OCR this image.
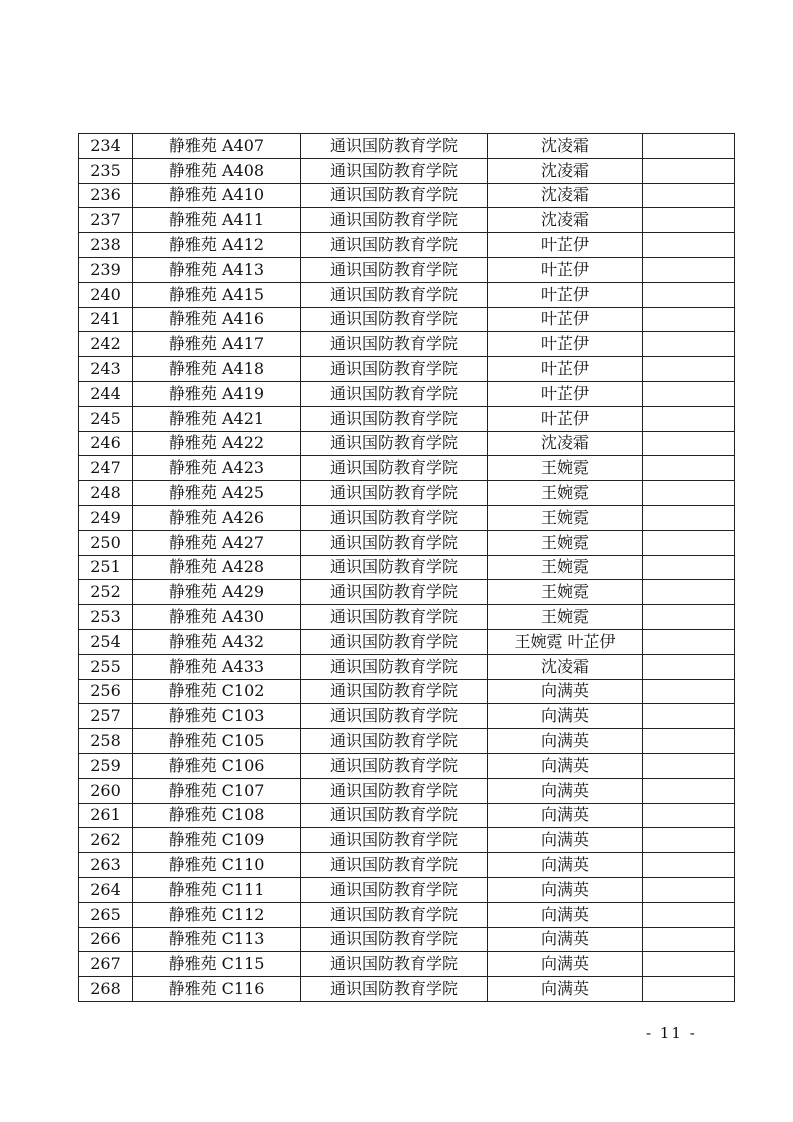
234	静雅苑 A407	通识国防教育学院	沈凌霜	
235	静雅苑 A408	通识国防教育学院	沈凌霜	
236	静雅苑 A410	通识国防教育学院	沈凌霜	
237	静雅苑 A411	通识国防教育学院	沈凌霜	
238	静雅苑 A412	通识国防教育学院	叶芷伊	
239	静雅苑 A413	通识国防教育学院	叶芷伊	
240	静雅苑 A415	通识国防教育学院	叶芷伊	
241	静雅苑 A416	通识国防教育学院	叶芷伊	
242	静雅苑 A417	通识国防教育学院	叶芷伊	
243	静雅苑 A418	通识国防教育学院	叶芷伊	
244	静雅苑 A419	通识国防教育学院	叶芷伊	
245	静雅苑 A421	通识国防教育学院	叶芷伊	
246	静雅苑 A422	通识国防教育学院	沈凌霜	
247	静雅苑 A423	通识国防教育学院	王婉霓	
248	静雅苑 A425	通识国防教育学院	王婉霓	
249	静雅苑 A426	通识国防教育学院	王婉霓	
250	静雅苑 A427	通识国防教育学院	王婉霓	
251	静雅苑 A428	通识国防教育学院	王婉霓	
252	静雅苑 A429	通识国防教育学院	王婉霓	
253	静雅苑 A430	通识国防教育学院	王婉霓	
254	静雅苑 A432	通识国防教育学院	王婉霓 叶芷伊	
255	静雅苑 A433	通识国防教育学院	沈凌霜	
256	静雅苑 C102	通识国防教育学院	向满英	
257	静雅苑 C103	通识国防教育学院	向满英	
258	静雅苑 C105	通识国防教育学院	向满英	
259	静雅苑 C106	通识国防教育学院	向满英	
260	静雅苑 C107	通识国防教育学院	向满英	
261	静雅苑 C108	通识国防教育学院	向满英	
262	静雅苑 C109	通识国防教育学院	向满英	
263	静雅苑 C110	通识国防教育学院	向满英	
264	静雅苑 C111	通识国防教育学院	向满英	
265	静雅苑 C112	通识国防教育学院	向满英	
266	静雅苑 C113	通识国防教育学院	向满英	
267	静雅苑 C115	通识国防教育学院	向满英	
268	静雅苑 C116	通识国防教育学院	向满英	
- 11 -
